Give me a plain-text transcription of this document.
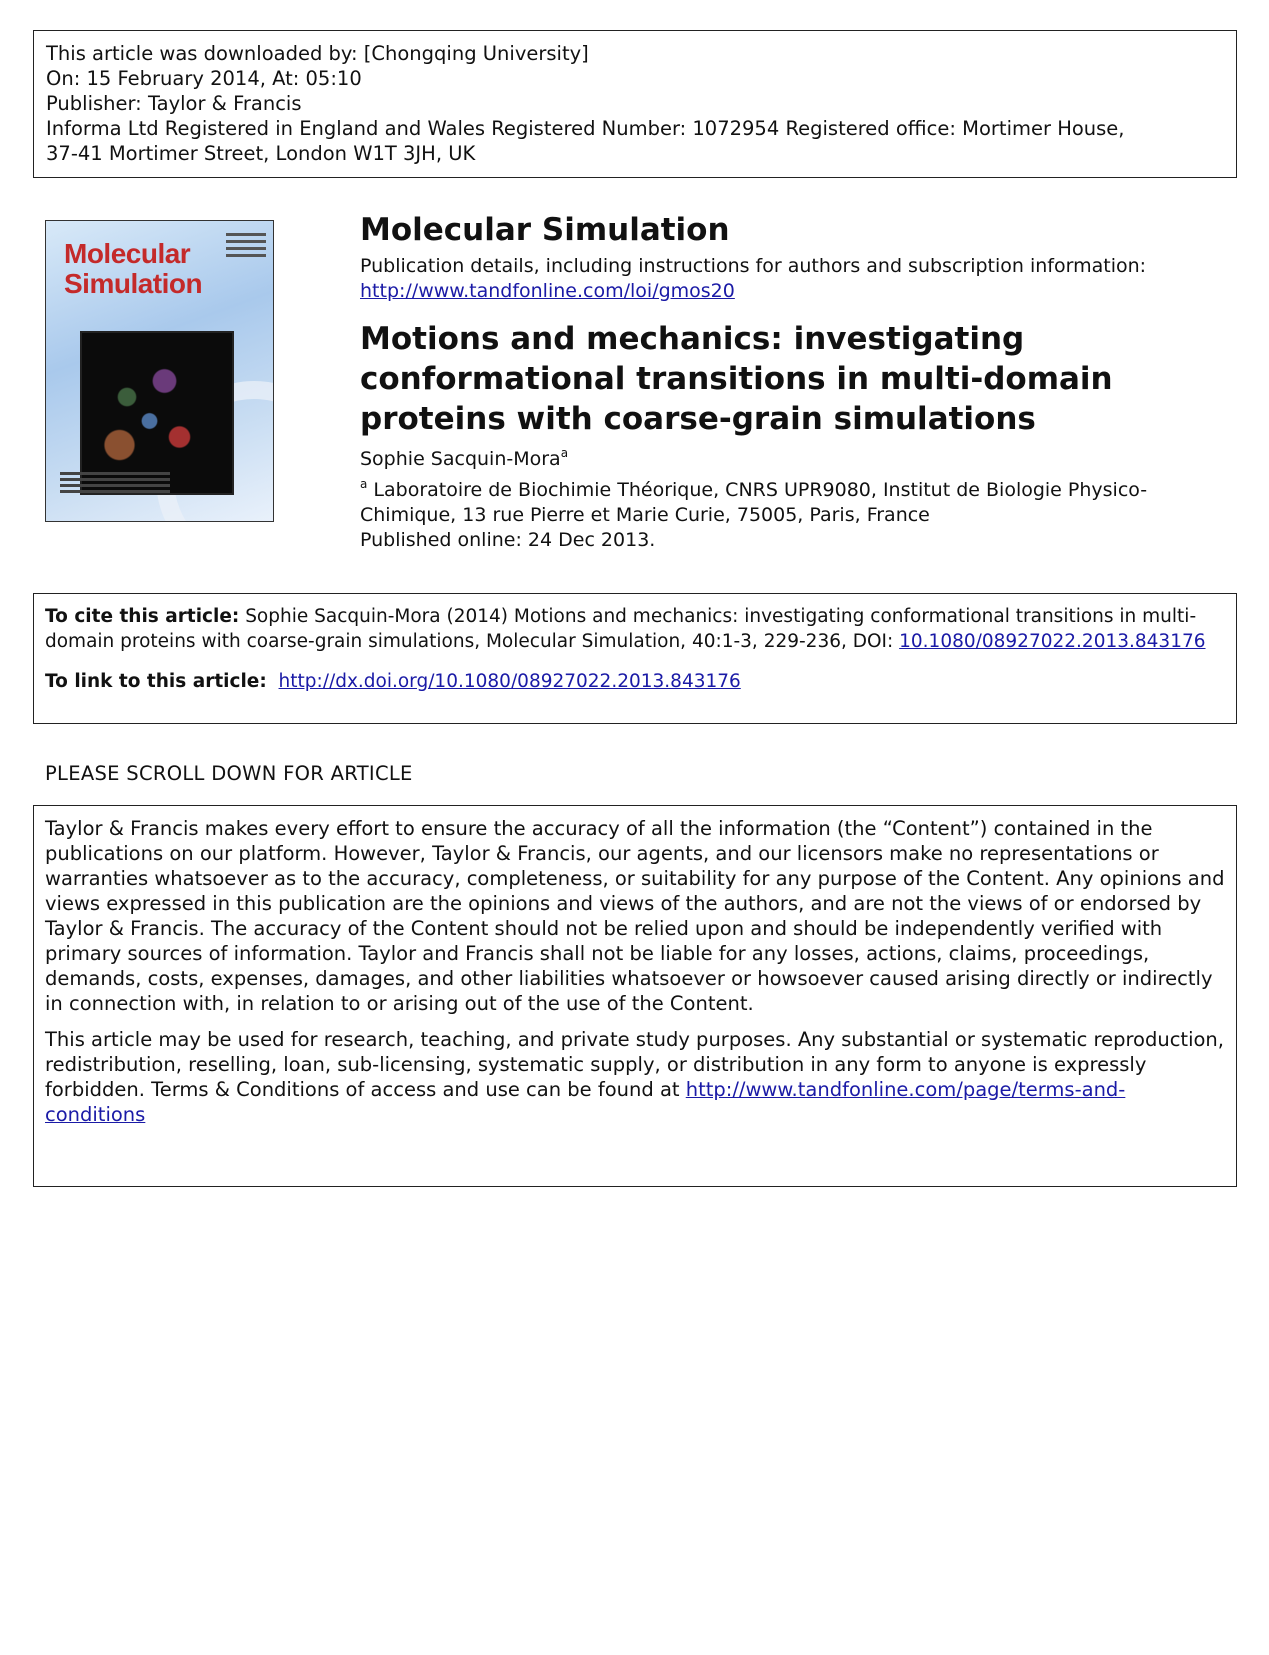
This article was downloaded by: [Chongqing University]
On: 15 February 2014, At: 05:10
Publisher: Taylor & Francis
Informa Ltd Registered in England and Wales Registered Number: 1072954 Registered office: Mortimer House,
37-41 Mortimer Street, London W1T 3JH, UK
Molecular
Simulation
Molecular Simulation
Publication details, including instructions for authors and subscription information:
http://www.tandfonline.com/loi/gmos20
Motions and mechanics: investigating conformational transitions in multi-domain proteins with coarse-grain simulations
Sophie Sacquin-Mora$^a$
$^a$ Laboratoire de Biochimie Théorique, CNRS UPR9080, Institut de Biologie Physico-Chimique, 13 rue Pierre et Marie Curie, 75005, Paris, France
Published online: 24 Dec 2013.

To cite this article: Sophie Sacquin-Mora (2014) Motions and mechanics: investigating conformational transitions in multi-domain proteins with coarse-grain simulations, Molecular Simulation, 40:1-3, 229-236, DOI: 10.1080/08927022.2013.843176

To link to this article: http://dx.doi.org/10.1080/08927022.2013.843176

PLEASE SCROLL DOWN FOR ARTICLE

Taylor & Francis makes every effort to ensure the accuracy of all the information (the “Content”) contained in the publications on our platform. However, Taylor & Francis, our agents, and our licensors make no representations or warranties whatsoever as to the accuracy, completeness, or suitability for any purpose of the Content. Any opinions and views expressed in this publication are the opinions and views of the authors, and are not the views of or endorsed by Taylor & Francis. The accuracy of the Content should not be relied upon and should be independently verified with primary sources of information. Taylor and Francis shall not be liable for any losses, actions, claims, proceedings, demands, costs, expenses, damages, and other liabilities whatsoever or howsoever caused arising directly or indirectly in connection with, in relation to or arising out of the use of the Content.

This article may be used for research, teaching, and private study purposes. Any substantial or systematic reproduction, redistribution, reselling, loan, sub-licensing, systematic supply, or distribution in any form to anyone is expressly forbidden. Terms & Conditions of access and use can be found at http://www.tandfonline.com/page/terms-and-conditions
